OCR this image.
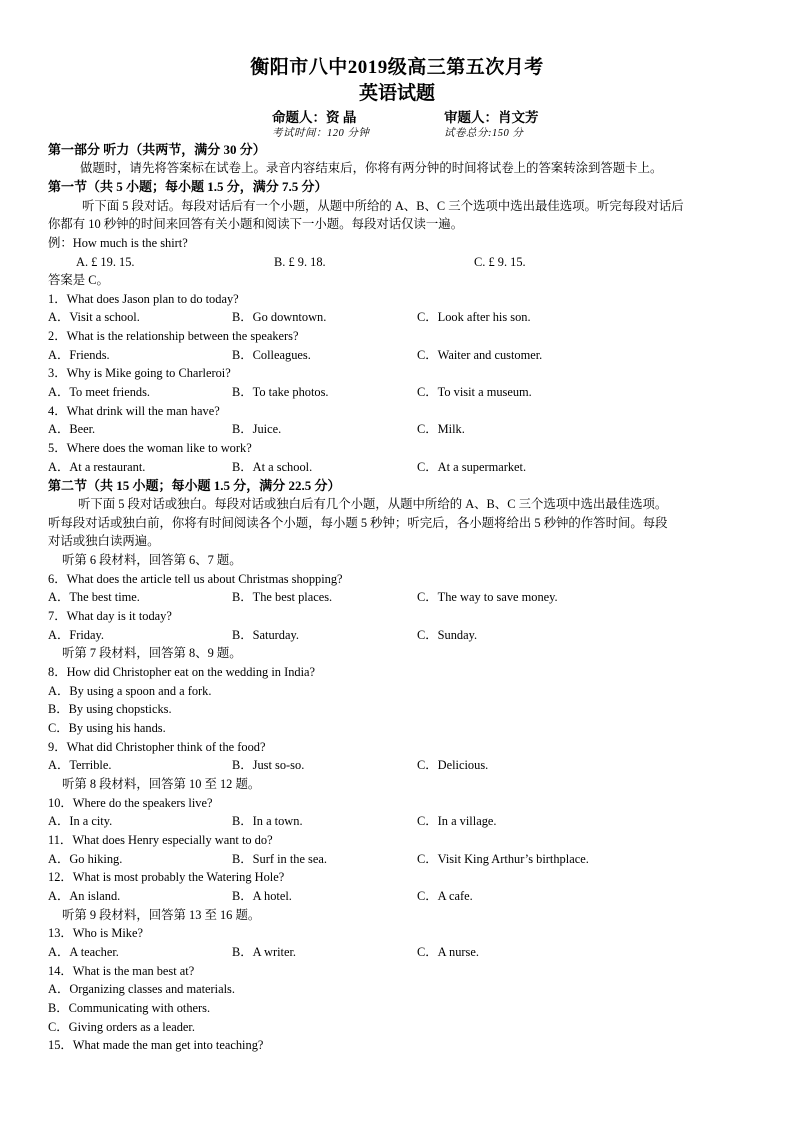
衡阳市八中2019级高三第五次月考
英语试题
命题人：资 晶	审题人：肖文芳
考试时间：120 分钟	试卷总分:150 分
第一部分 听力（共两节，满分 30 分）
做题时，请先将答案标在试卷上。录音内容结束后，你将有两分钟的时间将试卷上的答案转涂到答题卡上。
第一节（共 5 小题；每小题 1.5 分，满分 7.5 分）
听下面 5 段对话。每段对话后有一个小题，从题中所给的 A、B、C 三个选项中选出最佳选项。听完每段对话后
你都有 10 秒钟的时间来回答有关小题和阅读下一小题。每段对话仅读一遍。
例：How much is the shirt?
A. £ 19. 15.	B. £ 9. 18.	C. £ 9. 15.
答案是 C。
1．What does Jason plan to do today?
A．Visit a school.	B．Go downtown.	C．Look after his son.
2．What is the relationship between the speakers?
A．Friends.	B．Colleagues.	C．Waiter and customer.
3．Why is Mike going to Charleroi?
A．To meet friends.	B．To take photos.	C．To visit a museum.
4．What drink will the man have?
A．Beer.	B．Juice.	C．Milk.
5．Where does the woman like to work?
A．At a restaurant.	B．At a school.	C．At a supermarket.
第二节（共 15 小题；每小题 1.5 分，满分 22.5 分）
听下面 5 段对话或独白。每段对话或独白后有几个小题，从题中所给的 A、B、C 三个选项中选出最佳选项。
听每段对话或独白前，你将有时间阅读各个小题，每小题 5 秒钟；听完后，各小题将给出 5 秒钟的作答时间。每段
对话或独白读两遍。
听第 6 段材料，回答第 6、7 题。
6．What does the article tell us about Christmas shopping?
A．The best time.	B．The best places.	C．The way to save money.
7．What day is it today?
A．Friday.	B．Saturday.	C．Sunday.
听第 7 段材料，回答第 8、9 题。
8．How did Christopher eat on the wedding in India?
A．By using a spoon and a fork.
B．By using chopsticks.
C．By using his hands.
9．What did Christopher think of the food?
A．Terrible.	B．Just so-so.	C．Delicious.
听第 8 段材料，回答第 10 至 12 题。
10．Where do the speakers live?
A．In a city.	B．In a town.	C．In a village.
11．What does Henry especially want to do?
A．Go hiking.	B．Surf in the sea.	C．Visit King Arthur’s birthplace.
12．What is most probably the Watering Hole?
A．An island.	B．A hotel.	C．A cafe.
听第 9 段材料，回答第 13 至 16 题。
13．Who is Mike?
A．A teacher.	B．A writer.	C．A nurse.
14．What is the man best at?
A．Organizing classes and materials.
B．Communicating with others.
C．Giving orders as a leader.
15．What made the man get into teaching?
